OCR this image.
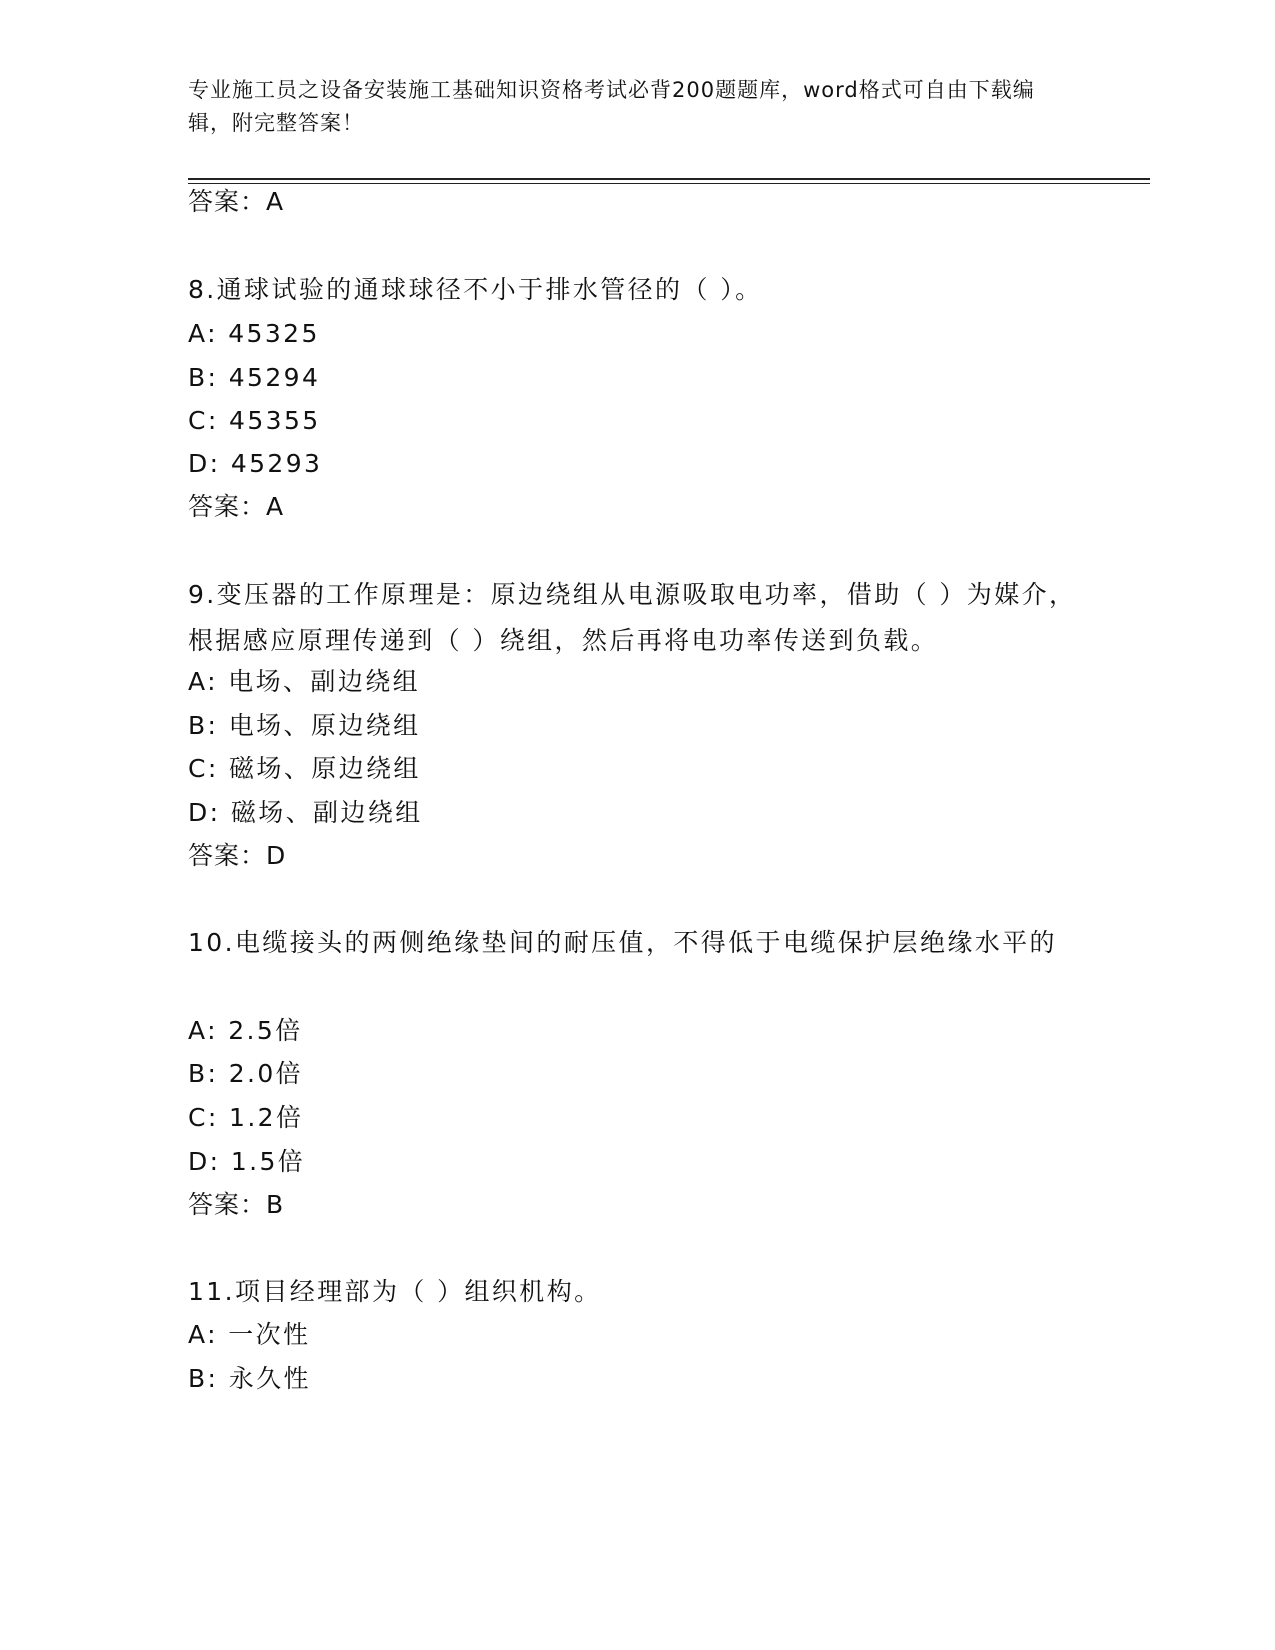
专业施工员之设备安装施工基础知识资格考试必背200题题库，word格式可自由下载编辑，附完整答案！
答案：A
8.通球试验的通球球径不小于排水管径的（ ）。
A: 45325
B: 45294
C: 45355
D: 45293
答案：A
9.变压器的工作原理是：原边绕组从电源吸取电功率，借助（ ）为媒介，根据感应原理传递到（ ）绕组，然后再将电功率传送到负载。
A: 电场、副边绕组
B: 电场、原边绕组
C: 磁场、原边绕组
D: 磁场、副边绕组
答案：D
10.电缆接头的两侧绝缘垫间的耐压值，不得低于电缆保护层绝缘水平的
A: 2.5倍
B: 2.0倍
C: 1.2倍
D: 1.5倍
答案：B
11.项目经理部为（ ）组织机构。
A: 一次性
B: 永久性
